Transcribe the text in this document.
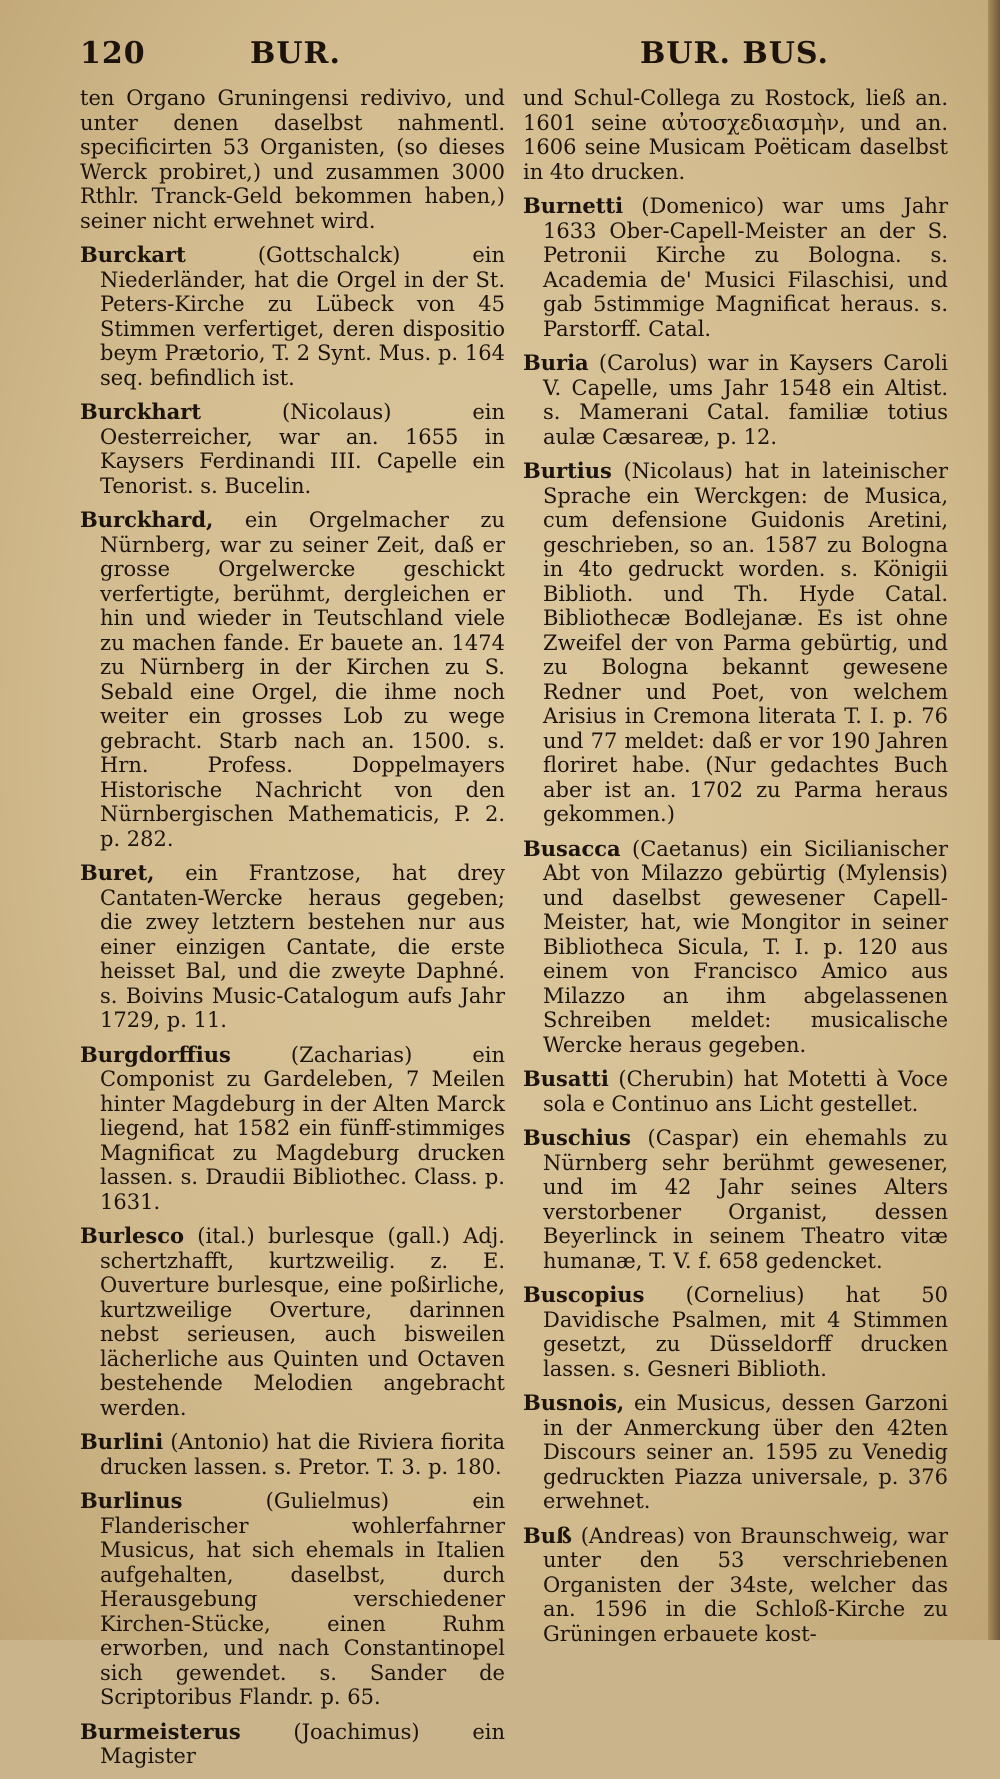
120	BUR.	BUR. BUS.

ten Organo Gruningensi redivivo, und unter denen daselbst nahmentl. specificirten 53 Organisten, (so dieses Werck probiret,) und zusammen 3000 Rthlr. Tranck-Geld bekommen haben,) seiner nicht erwehnet wird.

Burckart	(Gottschalck) ein Niederländer, hat die Orgel in der St. Peters-Kirche zu Lübeck von 45 Stimmen verfertiget, deren dispositio beym Prætorio, T. 2 Synt. Mus. p. 164 seq. befindlich ist.

Burckhart	(Nicolaus) ein Oesterreicher, war an. 1655 in Kaysers Ferdinandi III. Capelle ein Tenorist. s. Bucelin.

Burckhard, ein Orgelmacher zu Nürnberg, war zu seiner Zeit, daß er grosse Orgelwercke geschickt verfertigte, berühmt, dergleichen er hin und wieder in Teutschland viele zu machen fande. Er bauete an. 1474 zu Nürnberg in der Kirchen zu S. Sebald eine Orgel, die ihme noch weiter ein grosses Lob zu wege gebracht. Starb nach an. 1500. s. Hrn. Profess. Doppelmayers Historische Nachricht von den Nürnbergischen Mathematicis, P. 2. p. 282.

Buret, ein Frantzose, hat drey Cantaten-Wercke heraus gegeben; die zwey letztern bestehen nur aus einer einzigen Cantate, die erste heisset Bal, und die zweyte Daphné. s. Boivins Music-Catalogum aufs Jahr 1729, p. 11.

Burgdorffius	(Zacharias) ein Componist zu Gardeleben, 7 Meilen hinter Magdeburg in der Alten Marck liegend, hat 1582 ein fünff-stimmiges Magnificat zu Magdeburg drucken lassen. s. Draudii Bibliothec. Class. p. 1631.

Burlesco (ital.) burlesque (gall.) Adj. schertzhafft, kurtzweilig. z. E. Ouverture burlesque, eine poßirliche, kurtzweilige Overture, darinnen nebst serieusen, auch bisweilen lächerliche aus Quinten und Octaven bestehende Melodien angebracht werden.

Burlini (Antonio) hat die Riviera fiorita drucken lassen. s. Pretor. T. 3. p. 180.

Burlinus	(Gulielmus) ein Flanderischer wohlerfahrner Musicus, hat sich ehemals in Italien aufgehalten, daselbst, durch Herausgebung verschiedener Kirchen-Stücke, einen Ruhm erworben, und nach Constantinopel sich gewendet. s. Sander de Scriptoribus Flandr. p. 65.

Burmeisterus	(Joachimus) ein Magister

und Schul-Collega zu Rostock, ließ an. 1601 seine αὐτοσχεδιασμὴν, und an. 1606 seine Musicam Poëticam daselbst in 4to drucken.

Burnetti (Domenico) war ums Jahr 1633 Ober-Capell-Meister an der S. Petronii Kirche zu Bologna. s. Academia de' Musici Filaschisi, und gab 5stimmige Magnificat heraus. s. Parstorff. Catal.

Buria (Carolus) war in Kaysers Caroli V. Capelle, ums Jahr 1548 ein Altist. s. Mamerani Catal. familiæ totius aulæ Cæsareæ, p. 12.

Burtius (Nicolaus) hat in lateinischer Sprache ein Werckgen: de Musica, cum defensione Guidonis Aretini, geschrieben, so an. 1587 zu Bologna in 4to gedruckt worden. s. Königii Biblioth. und Th. Hyde Catal. Bibliothecæ Bodlejanæ. Es ist ohne Zweifel der von Parma gebürtig, und zu Bologna bekannt gewesene Redner und Poet, von welchem Arisius in Cremona literata T. I. p. 76 und 77 meldet: daß er vor 190 Jahren floriret habe. (Nur gedachtes Buch aber ist an. 1702 zu Parma heraus gekommen.)

Busacca (Caetanus) ein Sicilianischer Abt von Milazzo gebürtig (Mylensis) und daselbst gewesener Capell-Meister, hat, wie Mongitor in seiner Bibliotheca Sicula, T. I. p. 120 aus einem von Francisco Amico aus Milazzo an ihm abgelassenen Schreiben meldet: musicalische Wercke heraus gegeben.

Busatti (Cherubin) hat Motetti à Voce sola e Continuo ans Licht gestellet.

Buschius (Caspar) ein ehemahls zu Nürnberg sehr berühmt gewesener, und im 42 Jahr seines Alters verstorbener Organist, dessen Beyerlinck in seinem Theatro vitæ humanæ, T. V. f. 658 gedencket.

Buscopius (Cornelius) hat 50 Davidische Psalmen, mit 4 Stimmen gesetzt, zu Düsseldorff drucken lassen. s. Gesneri Biblioth.

Busnois, ein Musicus, dessen Garzoni in der Anmerckung über den 42ten Discours seiner an. 1595 zu Venedig gedruckten Piazza universale, p. 376 erwehnet.

Buß (Andreas) von Braunschweig, war unter den 53 verschriebenen Organisten der 34ste, welcher das an. 1596 in die Schloß-Kirche zu Grüningen erbauete kost-
